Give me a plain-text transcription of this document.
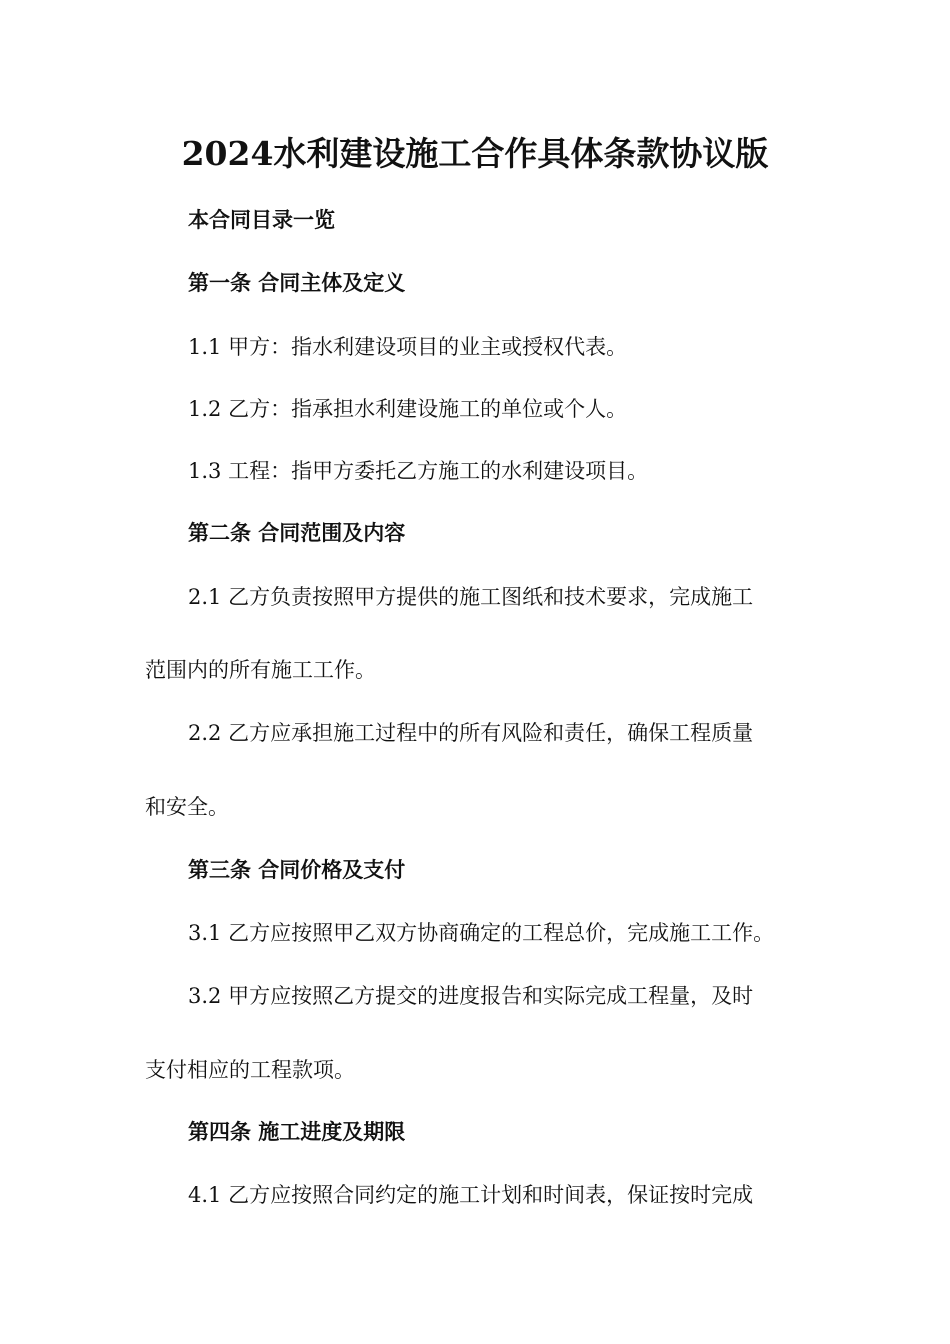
2024水利建设施工合作具体条款协议版
本合同目录一览
第一条 合同主体及定义
1.1 甲方：指水利建设项目的业主或授权代表。
1.2 乙方：指承担水利建设施工的单位或个人。
1.3 工程：指甲方委托乙方施工的水利建设项目。
第二条 合同范围及内容
2.1 乙方负责按照甲方提供的施工图纸和技术要求，完成施工
范围内的所有施工工作。
2.2 乙方应承担施工过程中的所有风险和责任，确保工程质量
和安全。
第三条 合同价格及支付
3.1 乙方应按照甲乙双方协商确定的工程总价，完成施工工作。
3.2 甲方应按照乙方提交的进度报告和实际完成工程量，及时
支付相应的工程款项。
第四条 施工进度及期限
4.1 乙方应按照合同约定的施工计划和时间表，保证按时完成
